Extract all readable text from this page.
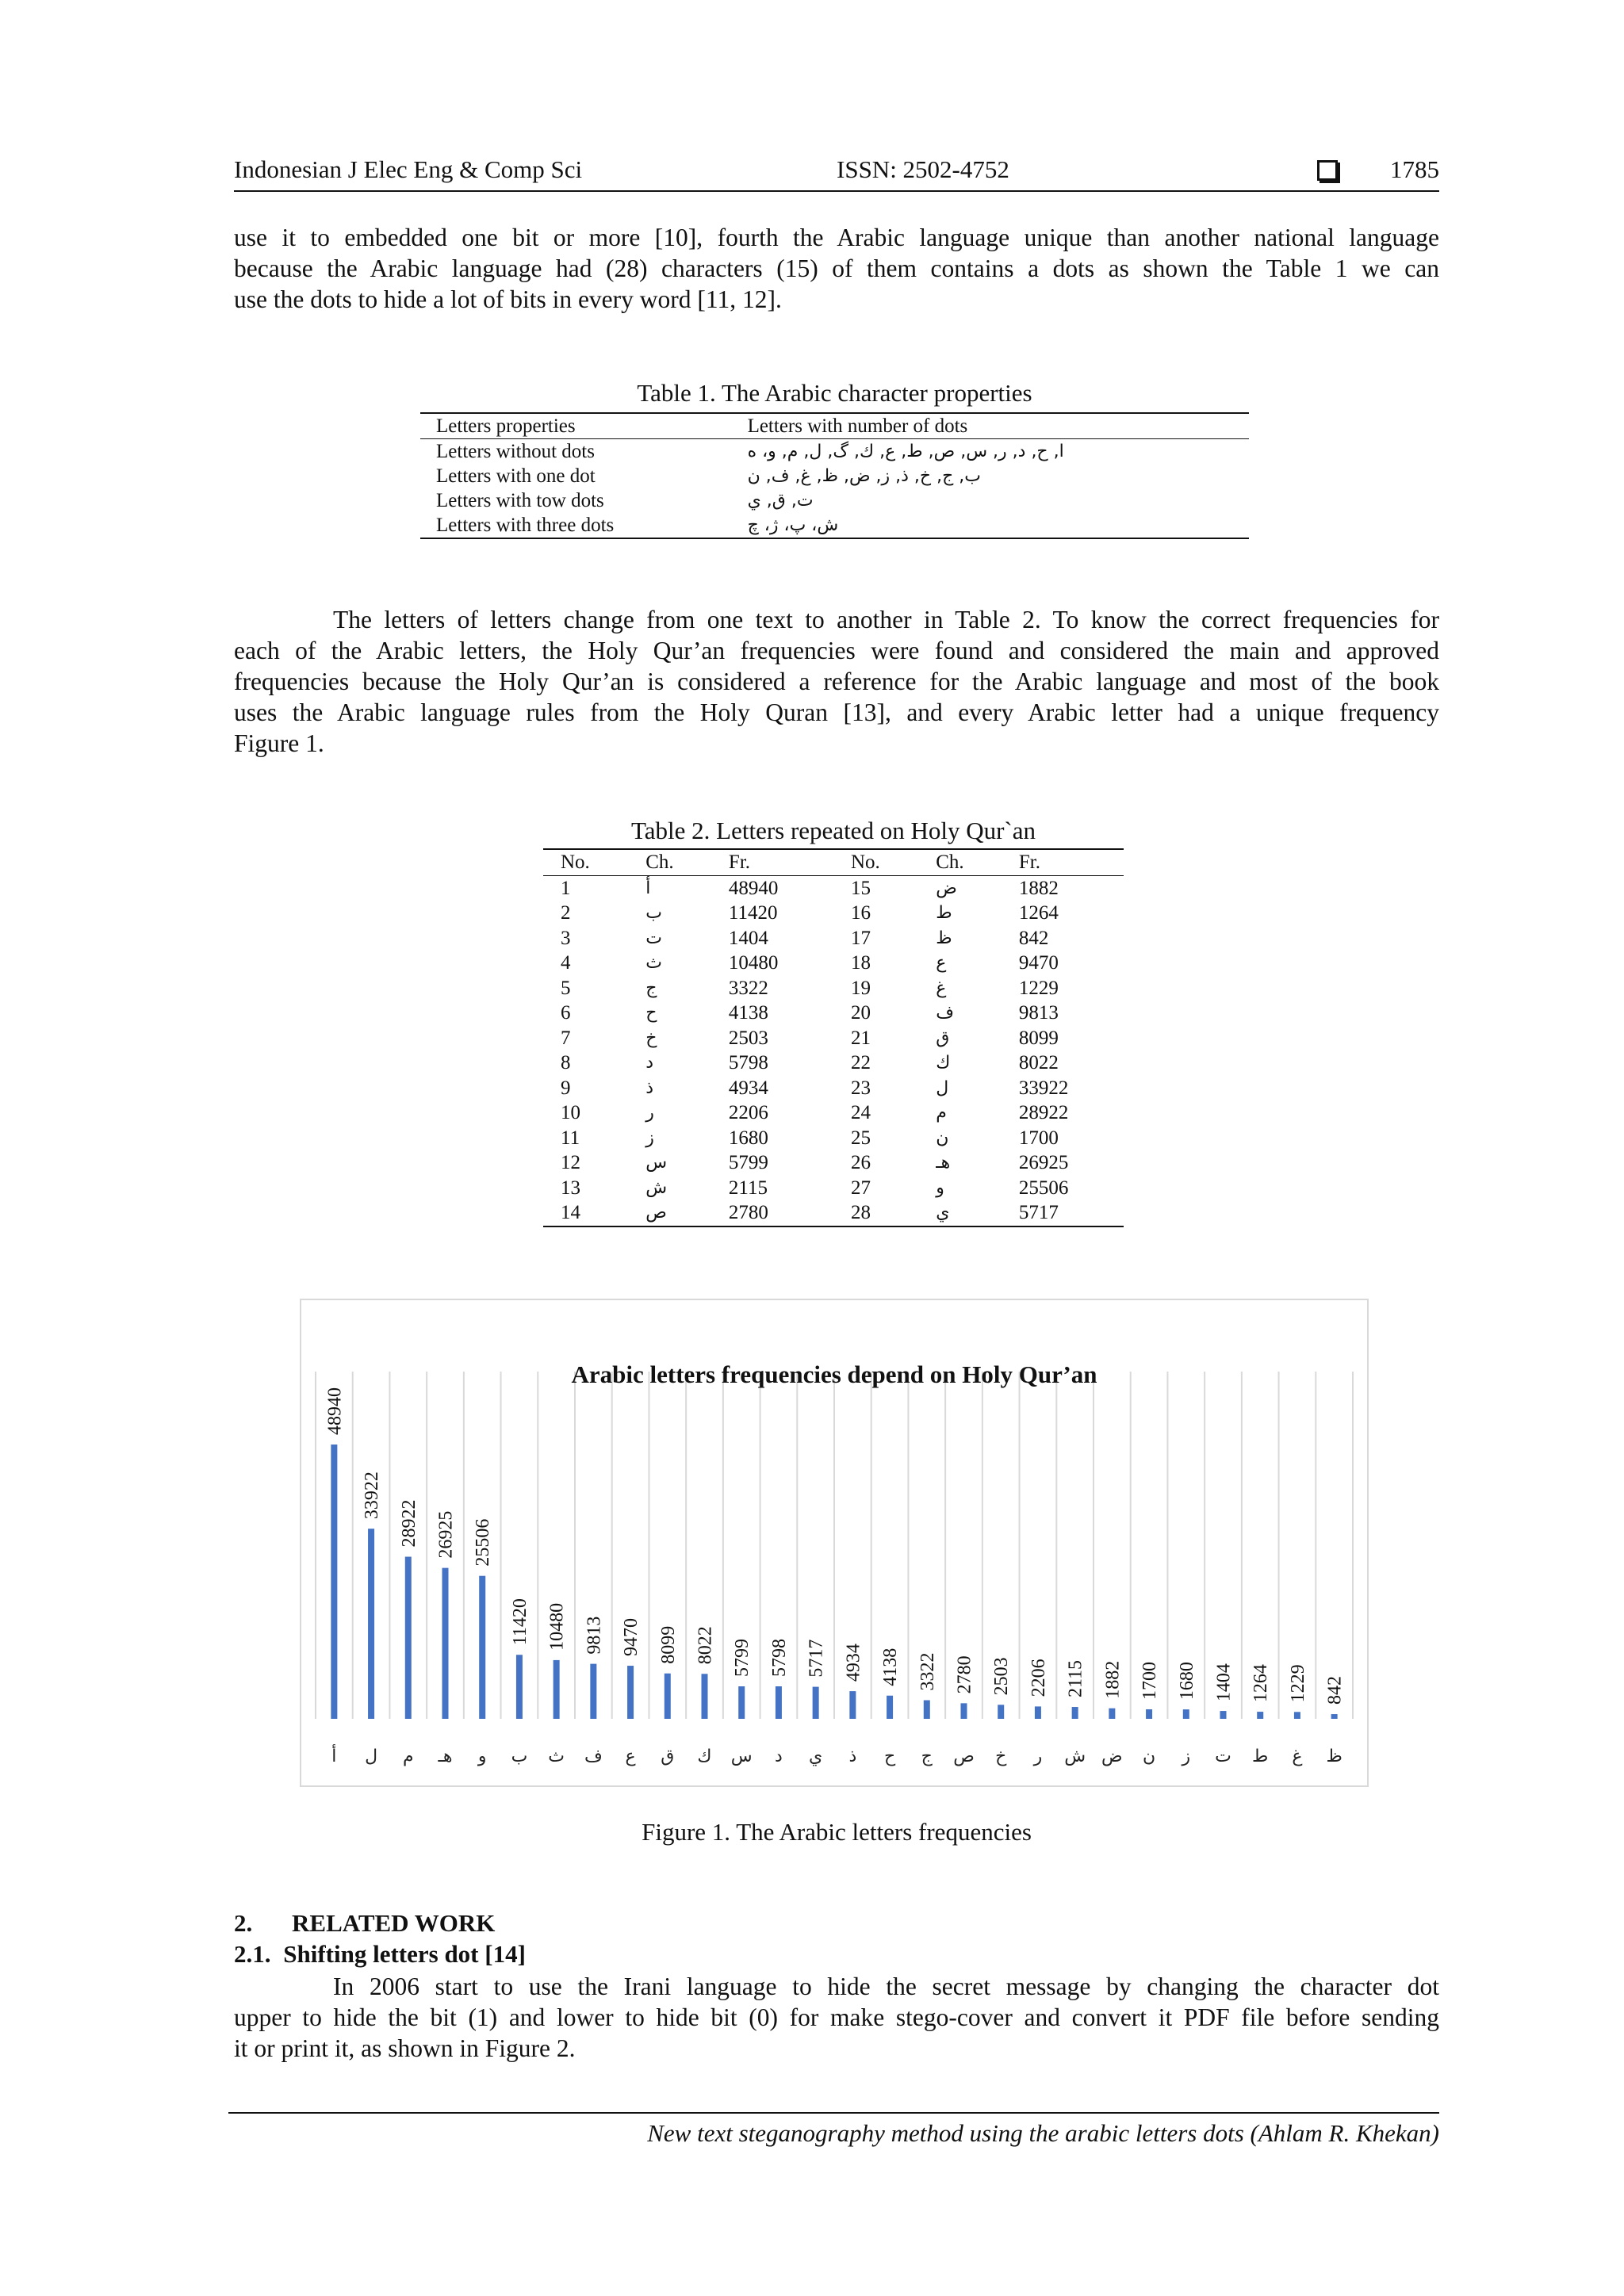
Indonesian J Elec Eng & Comp Sci	ISSN: 2502-4752	1785
use it to embedded one bit or more [10], fourth the Arabic language unique than another national language
because the Arabic language had (28) characters (15) of them contains a dots as shown the Table 1 we can
use the dots to hide a lot of bits in every word [11, 12].
Table 1. The Arabic character properties
Letters properties	Letters with number of dots
Letters without dots	ا, ح, د, ر, س, ص, ط, ع, ك, گ, ل, م, و، ه
Letters with one dot	ب, ج, خ, ذ, ز, ض, ظ, غ, ف, ن
Letters with tow dots	ت, ق, ي
Letters with three dots	ش، پ، ژ، چ
The letters of letters change from one text to another in Table 2. To know the correct frequencies for
each of the Arabic letters, the Holy Qur’an frequencies were found and considered the main and approved
frequencies because the Holy Qur’an is considered a reference for the Arabic language and most of the book
uses the Arabic language rules from the Holy Quran [13], and every Arabic letter had a unique frequency
Figure 1.
Table 2. Letters repeated on Holy Qur`an
No.	Ch.	Fr.	No.	Ch.	Fr.
1	أ	48940	15	ض	1882
2	ب	11420	16	ط	1264
3	ت	1404	17	ظ	842
4	ث	10480	18	ع	9470
5	ج	3322	19	غ	1229
6	ح	4138	20	ف	9813
7	خ	2503	21	ق	8099
8	د	5798	22	ك	8022
9	ذ	4934	23	ل	33922
10	ر	2206	24	م	28922
11	ز	1680	25	ن	1700
12	س	5799	26	هـ	26925
13	ش	2115	27	و	25506
14	ص	2780	28	ي	5717
Arabic letters frequencies depend on Holy Qur’an
48940
أ
33922
ل
28922
م
26925
هـ
25506
و
11420
ب
10480
ث
9813
ف
9470
ع
8099
ق
8022
ك
5799
س
5798
د
5717
ي
4934
ذ
4138
ح
3322
ج
2780
ص
2503
خ
2206
ر
2115
ش
1882
ض
1700
ن
1680
ز
1404
ت
1264
ط
1229
غ
842
ظ
Figure 1. The Arabic letters frequencies
2. RELATED WORK
2.1. Shifting letters dot [14]
In 2006 start to use the Irani language to hide the secret message by changing the character dot
upper to hide the bit (1) and lower to hide bit (0) for make stego-cover and convert it PDF file before sending
it or print it, as shown in Figure 2.
New text steganography method using the arabic letters dots (Ahlam R. Khekan)
